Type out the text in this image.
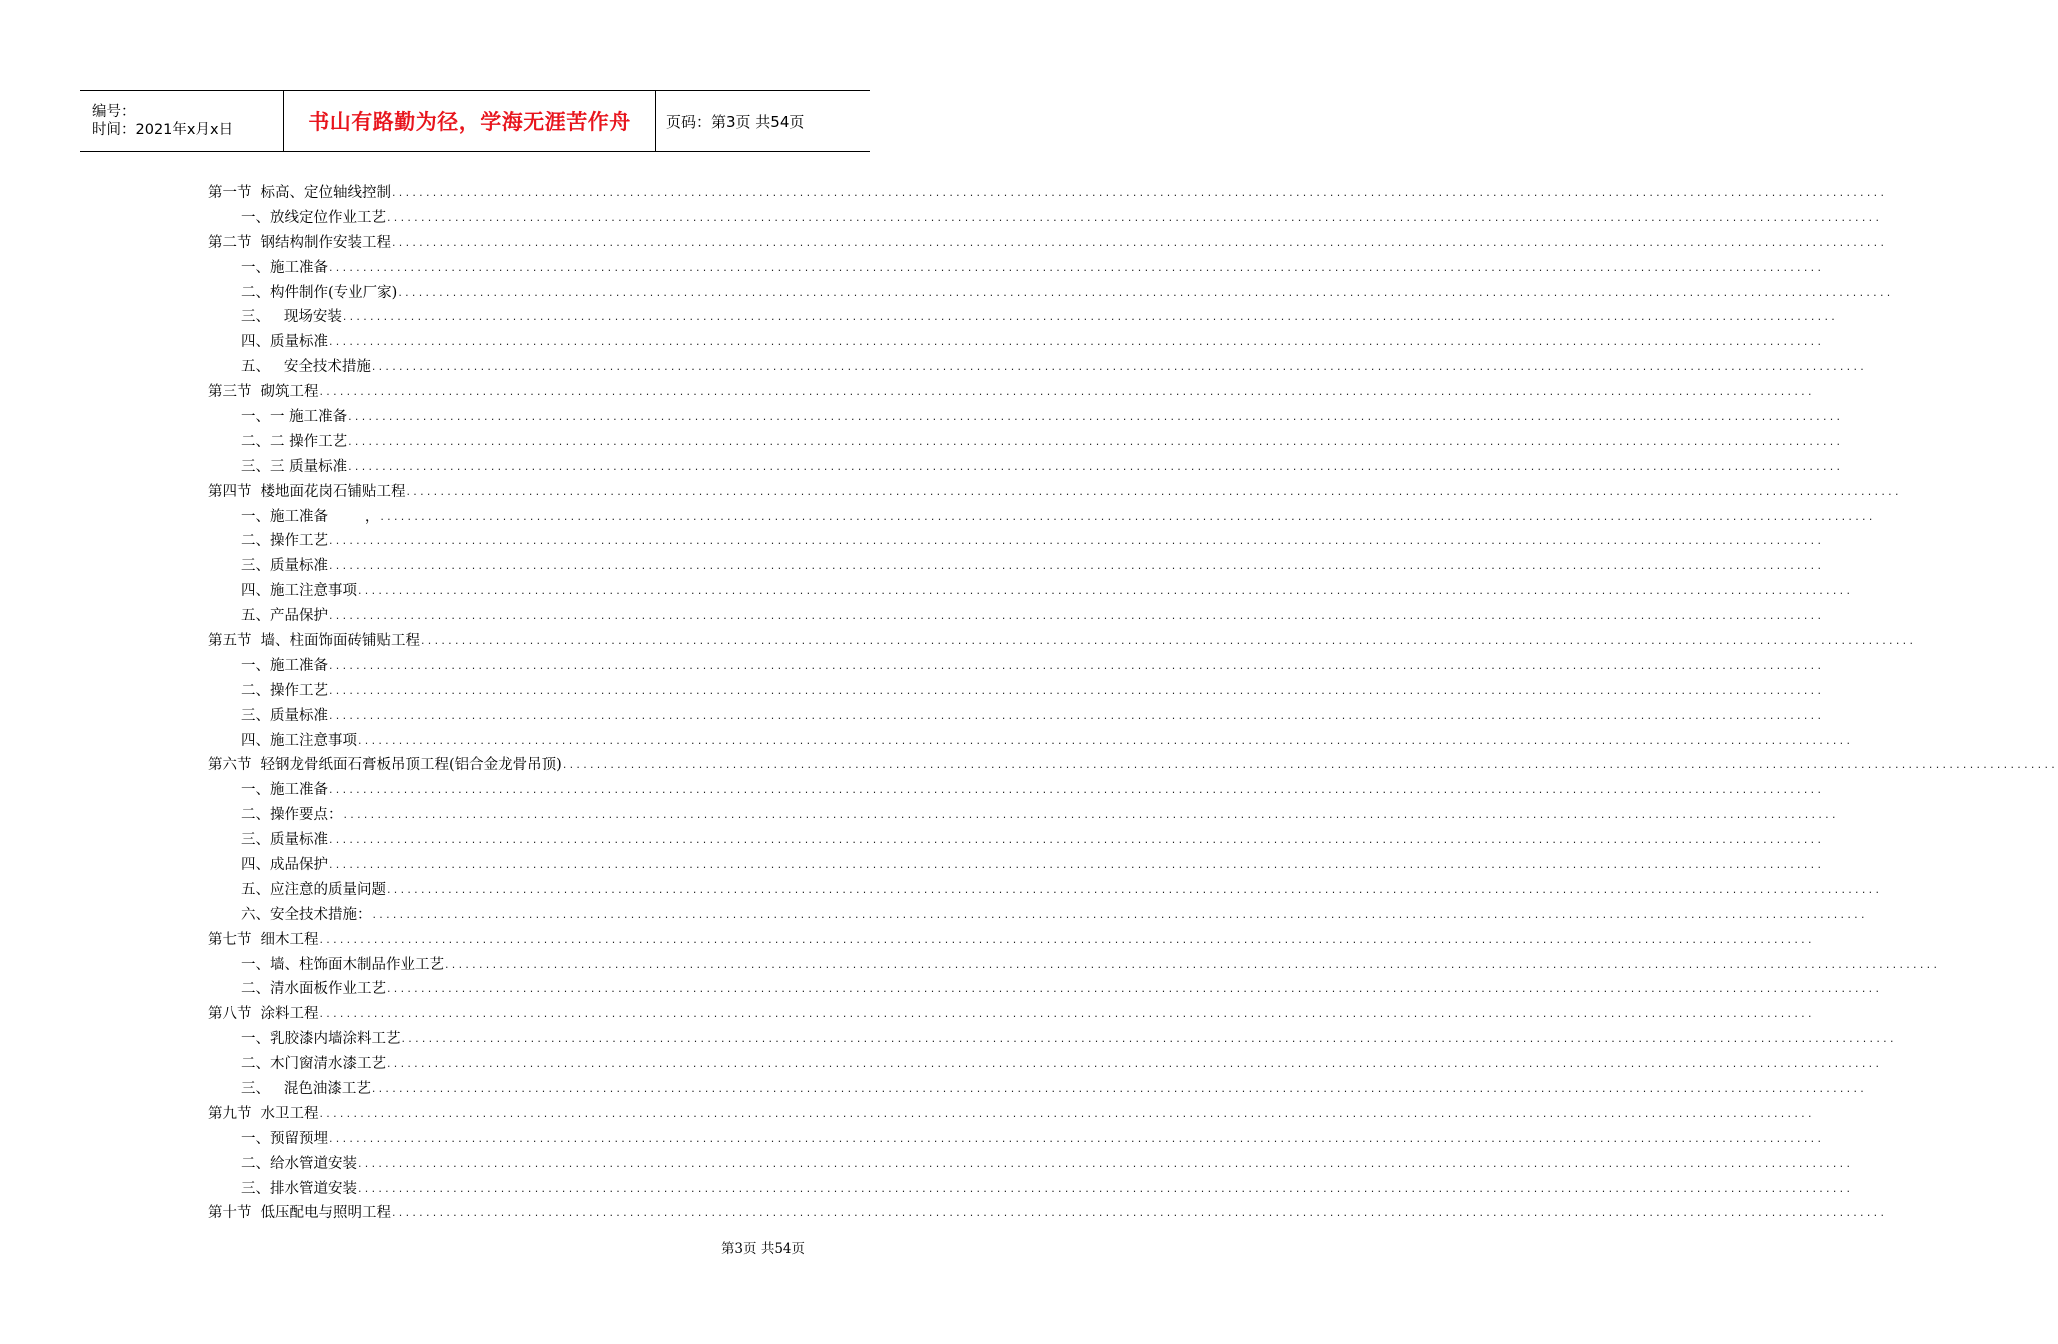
编号：
时间：2021年x月x日	书山有路勤为径，学海无涯苦作舟 页码：第3页 共54页
第一节 标高、定位轴线控制 ............................................................................................................................................................................................................................
一、 放线定位作业工艺 ............................................................................................................................................................................................................................
第二节 钢结构制作安装工程 ............................................................................................................................................................................................................................
一、 施工准备 ............................................................................................................................................................................................................................
二、 构件制作(专业厂家) ............................................................................................................................................................................................................................
三、 现场安装 ............................................................................................................................................................................................................................
四、 质量标准 ............................................................................................................................................................................................................................
五、 安全技术措施 ............................................................................................................................................................................................................................
第三节 砌筑工程 ............................................................................................................................................................................................................................
一、 一 施工准备 ............................................................................................................................................................................................................................
二、 二 操作工艺 ............................................................................................................................................................................................................................
三、 三 质量标准 ............................................................................................................................................................................................................................
第四节 楼地面花岗石铺贴工程 ............................................................................................................................................................................................................................
一、 施工准备        ， ............................................................................................................................................................................................................................
二、 操作工艺 ............................................................................................................................................................................................................................
三、 质量标准 ............................................................................................................................................................................................................................
四、 施工注意事项 ............................................................................................................................................................................................................................
五、 产品保护 ............................................................................................................................................................................................................................
第五节 墙、柱面饰面砖铺贴工程 ............................................................................................................................................................................................................................
一、 施工准备 ............................................................................................................................................................................................................................
二、 操作工艺 ............................................................................................................................................................................................................................
三、 质量标准 ............................................................................................................................................................................................................................
四、 施工注意事项 ............................................................................................................................................................................................................................
第六节 轻钢龙骨纸面石膏板吊顶工程(铝合金龙骨吊顶) ............................................................................................................................................................................................................................
一、 施工准备 ............................................................................................................................................................................................................................
二、 操作要点： ............................................................................................................................................................................................................................
三、 质量标准 ............................................................................................................................................................................................................................
四、 成品保护 ............................................................................................................................................................................................................................
五、 应注意的质量问题 ............................................................................................................................................................................................................................
六、 安全技术措施： ............................................................................................................................................................................................................................
第七节 细木工程 ............................................................................................................................................................................................................................
一、 墙、柱饰面木制品作业工艺 ............................................................................................................................................................................................................................
二、 清水面板作业工艺 ............................................................................................................................................................................................................................
第八节 涂料工程 ............................................................................................................................................................................................................................
一、 乳胶漆内墙涂料工艺 ............................................................................................................................................................................................................................
二、 木门窗清水漆工艺 ............................................................................................................................................................................................................................
三、 混色油漆工艺 ............................................................................................................................................................................................................................
第九节 水卫工程 ............................................................................................................................................................................................................................
一、 预留预埋 ............................................................................................................................................................................................................................
二、 给水管道安装 ............................................................................................................................................................................................................................
三、 排水管道安装 ............................................................................................................................................................................................................................
第十节 低压配电与照明工程 ............................................................................................................................................................................................................................
第3页 共54页
